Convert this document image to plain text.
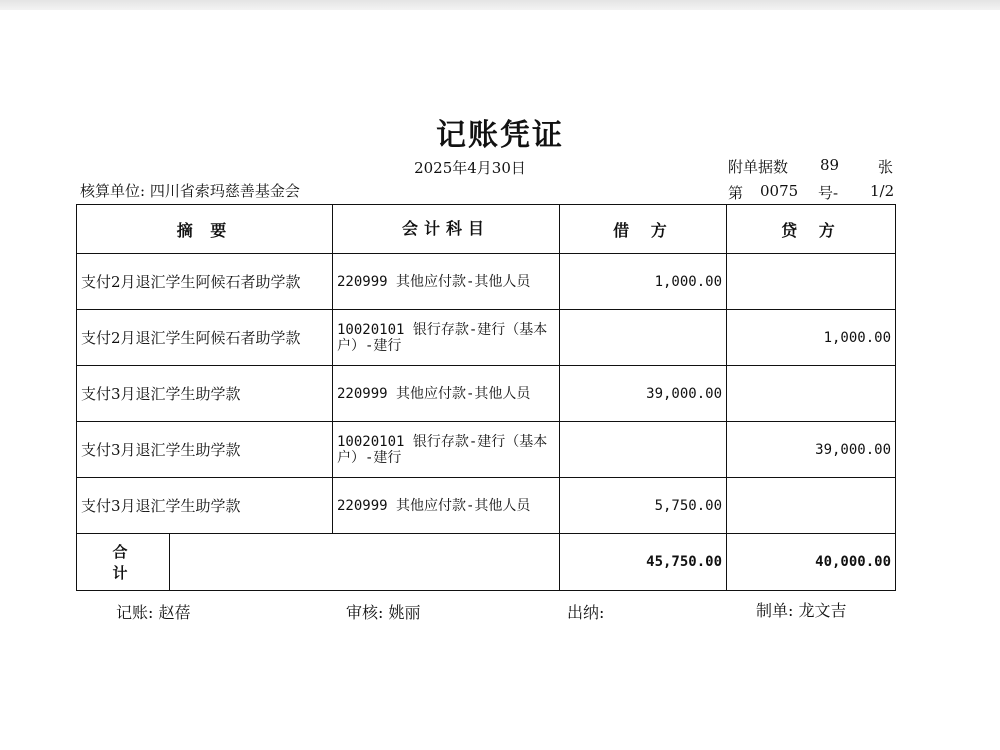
记账凭证
2025年4月30日	附单据数 89	张
核算单位: 四川省索玛慈善基金会	第 0075 号- 1/2
摘 要		会计科目	借 方	贷 方
支付2月退汇学生阿候石者助学款		220999 其他应付款-其他人员	1,000.00	
支付2月退汇学生阿候石者助学款		10020101 银行存款-建行（基本户）-建行		1,000.00
支付3月退汇学生助学款		220999 其他应付款-其他人员	39,000.00	
支付3月退汇学生助学款		10020101 银行存款-建行（基本户）-建行		39,000.00
支付3月退汇学生助学款		220999 其他应付款-其他人员	5,750.00	
合 计			45,750.00	40,000.00
记账: 赵蓓	审核: 姚丽	出纳:	制单: 龙文吉
